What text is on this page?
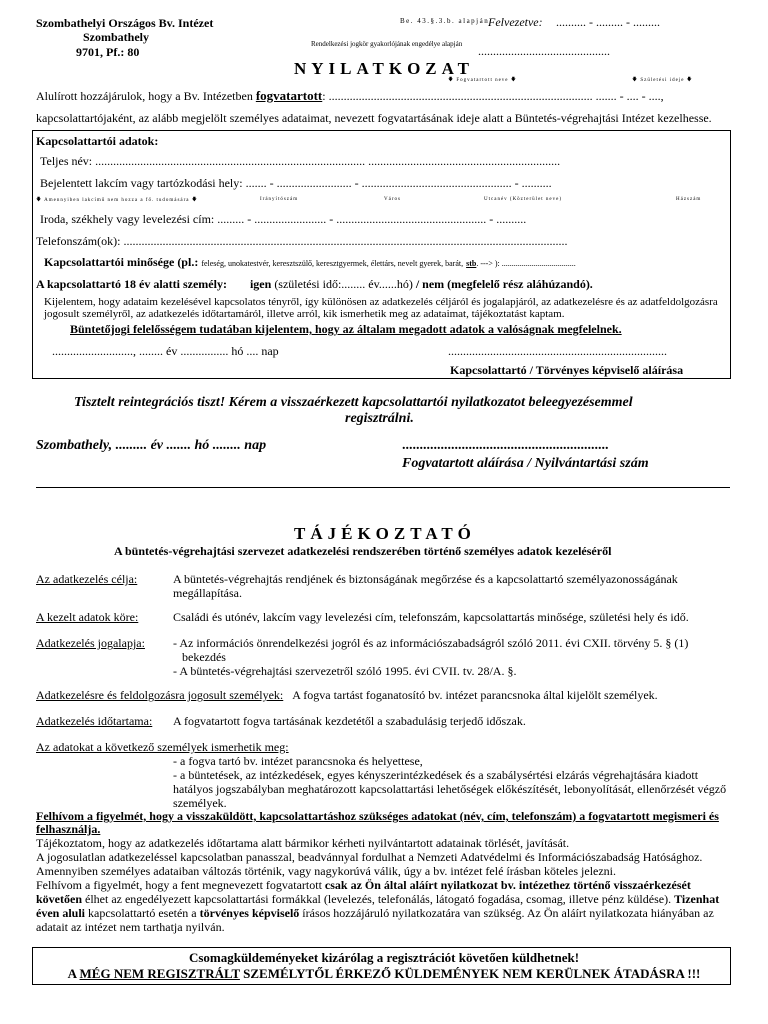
Szombathelyi Országos Bv. Intézet
Szombathely
9701, Pf.: 80
Be. 43.§.3.b. alapján
Felvezetve: .......... - ......... - .........
Rendelkezési jogkör gyakorlójának engedélye alapján ............................................
NYILATKOZAT
🡇 Fogvatartott neve 🡇	🡇 Születési ideje 🡇
Alulírott hozzájárulok, hogy a Bv. Intézetben fogvatartott: ........................................................................................ ....... - .... - ....,
kapcsolattartójaként, az alább megjelölt személyes adataimat, nevezett fogvatartásának ideje alatt a Büntetés-végrehajtási Intézet kezelhesse.
Kapcsolattartói adatok:
Teljes név: .......................................................................................... ................................................................
Bejelentett lakcím vagy tartózkodási hely: ....... - ......................... - .................................................. - ..........
🡇 Amennyiben lakcímű nem hozza a fő. tudomására 🡇	Irányítószám	Város	Utcanév (Közterület neve)	Házszám
Iroda, székhely vagy levelezési cím: ......... - ........................ - .................................................. - ..........
Telefonszám(ok): ....................................................................................................................................................
Kapcsolattartói minősége (pl.: feleség, unokatestvér, keresztszülő, keresztgyermek, élettárs, nevelt gyerek, barát, stb. ---> ): .....................................
A kapcsolattartó 18 év alatti személy: igen (születési idő:........ év......hó) / nem (megfelelő rész aláhúzandó).
Kijelentem, hogy adataim kezelésével kapcsolatos tényről, így különösen az adatkezelés céljáról és jogalapjáról, az adatkezelésre és az adatfeldolgozásra jogosult személyről, az adatkezelés időtartamáról, illetve arról, kik ismerhetik meg az adataimat, tájékoztatást kaptam.
Büntetőjogi felelősségem tudatában kijelentem, hogy az általam megadott adatok a valóságnak megfelelnek.
..........................., ........ év ................ hó .... nap	.........................................................................
Kapcsolattartó / Törvényes képviselő aláírása
Tisztelt reintegrációs tiszt! Kérem a visszaérkezett kapcsolattartói nyilatkozatot beleegyezésemmel
regisztrálni.
Szombathely, ......... év ....... hó ........ nap	...........................................................
Fogvatartott aláírása / Nyilvántartási szám
TÁJÉKOZTATÓ
A büntetés-végrehajtási szervezet adatkezelési rendszerében történő személyes adatok kezeléséről
Az adatkezelés célja:	A büntetés-végrehajtás rendjének és biztonságának megőrzése és a kapcsolattartó személyazonosságának megállapítása.
A kezelt adatok köre:	Családi és utónév, lakcím vagy levelezési cím, telefonszám, kapcsolattartás minősége, születési hely és idő.
Adatkezelés jogalapja: - Az információs önrendelkezési jogról és az információszabadságról szóló 2011. évi CXII. törvény 5. § (1)
bekezdés
- A büntetés-végrehajtási szervezetről szóló 1995. évi CVII. tv. 28/A. §.
Adatkezelésre és feldolgozásra jogosult személyek: A fogva tartást foganatosító bv. intézet parancsnoka által kijelölt személyek.
Adatkezelés időtartama: A fogvatartott fogva tartásának kezdetétől a szabadulásig terjedő időszak.
Az adatokat a következő személyek ismerhetik meg:
- a fogva tartó bv. intézet parancsnoka és helyettese,
- a büntetések, az intézkedések, egyes kényszerintézkedések és a szabálysértési elzárás végrehajtására kiadott hatályos jogszabályban meghatározott kapcsolattartási lehetőségek előkészítését, lebonyolítását, ellenőrzését végző személyek.
Felhívom a figyelmét, hogy a visszaküldött, kapcsolattartáshoz szükséges adatokat (név, cím, telefonszám) a fogvatartott megismeri és felhasználja.
Tájékoztatom, hogy az adatkezelés időtartama alatt bármikor kérheti nyilvántartott adatainak törlését, javítását.
A jogosulatlan adatkezeléssel kapcsolatban panasszal, beadvánnyal fordulhat a Nemzeti Adatvédelmi és Információszabadság Hatósághoz. Amennyiben személyes adataiban változás történik, vagy nagykorúvá válik, úgy a bv. intézet felé írásban köteles jelezni.
Felhívom a figyelmét, hogy a fent megnevezett fogvatartott csak az Ön által aláírt nyilatkozat bv. intézethez történő visszaérkezését követően élhet az engedélyezett kapcsolattartási formákkal (levelezés, telefonálás, látogató fogadása, csomag, illetve pénz küldése). Tizenhat éven aluli kapcsolattartó esetén a törvényes képviselő írásos hozzájáruló nyilatkozatára van szükség. Az Ön aláírt nyilatkozata hiányában az adatait az intézet nem tarthatja nyilván.
Csomagküldeményeket kizárólag a regisztrációt követően küldhetnek!
A MÉG NEM REGISZTRÁLT SZEMÉLYTŐL ÉRKEZŐ KÜLDEMÉNYEK NEM KERÜLNEK ÁTADÁSRA !!!
